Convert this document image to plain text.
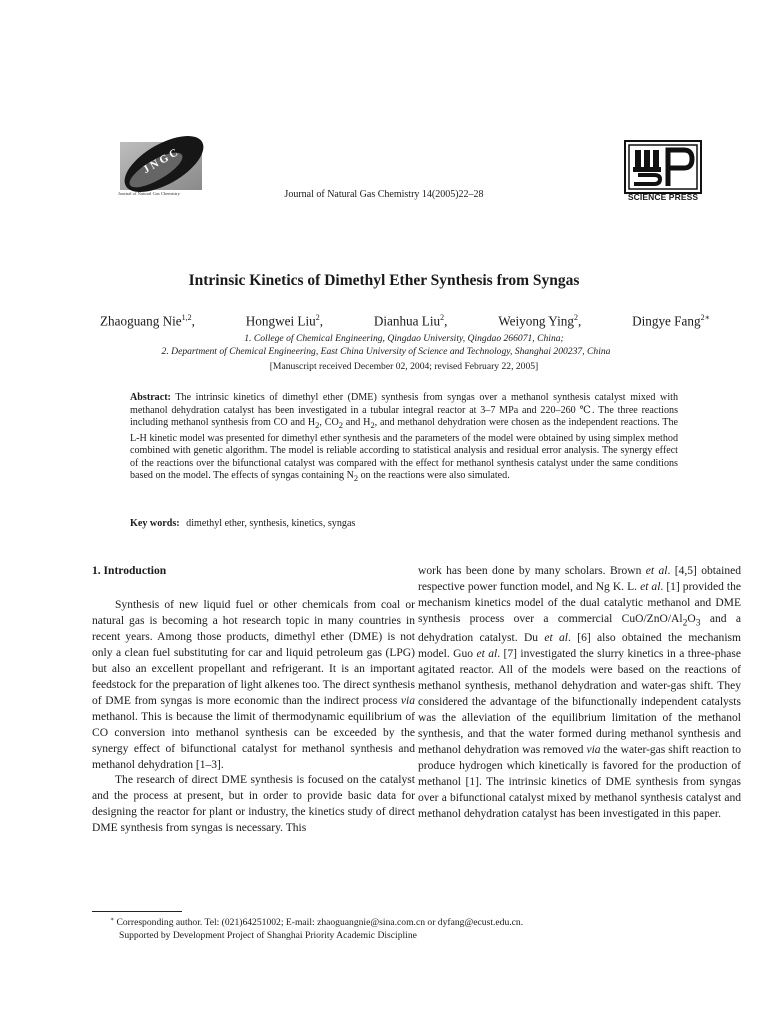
J N G C
Journal of Natural Gas Chemistry	Journal of Natural Gas Chemistry 14(2005)22–28	SCIENCE PRESS
Intrinsic Kinetics of Dimethyl Ether Synthesis from Syngas
Zhaoguang Nie$^{1,2}$,	Hongwei Liu$^2$,	Dianhua Liu$^2$,	Weiyong Ying$^2$,	Dingye Fang$^{2∗}$
1. College of Chemical Engineering, Qingdao University, Qingdao 266071, China;
2. Department of Chemical Engineering, East China University of Science and Technology, Shanghai 200237, China
[Manuscript received December 02, 2004; revised February 22, 2005]
Abstract: The intrinsic kinetics of dimethyl ether (DME) synthesis from syngas over a methanol synthesis catalyst mixed with methanol dehydration catalyst has been investigated in a tubular integral reactor at 3–7 MPa and 220–260 ℃. The three reactions including methanol synthesis from CO and $H_2$, $CO_2$ and $H_2$, and methanol dehydration were chosen as the independent reactions. The L-H kinetic model was presented for dimethyl ether synthesis and the parameters of the model were obtained by using simplex method combined with genetic algorithm. The model is reliable according to statistical analysis and residual error analysis. The synergy effect of the reactions over the bifunctional catalyst was compared with the effect for methanol synthesis catalyst under the same conditions based on the model. The effects of syngas containing $N_2$ on the reactions were also simulated.
Key words: dimethyl ether, synthesis, kinetics, syngas
1. Introduction

Synthesis of new liquid fuel or other chemicals from coal or natural gas is becoming a hot research topic in many countries in recent years. Among those products, dimethyl ether (DME) is not only a clean fuel substituting for car and liquid petroleum gas (LPG) but also an excellent propellant and refrigerant. It is an important feedstock for the preparation of light alkenes too. The direct synthesis of DME from syngas is more economic than the indirect process via methanol. This is because the limit of thermodynamic equilibrium of CO conversion into methanol synthesis can be exceeded by the synergy effect of bifunctional catalyst for methanol synthesis and methanol dehydration [1–3].

The research of direct DME synthesis is focused on the catalyst and the process at present, but in order to provide basic data for designing the reactor for plant or industry, the kinetics study of direct DME synthesis from syngas is necessary. This

work has been done by many scholars. Brown et al. [4,5] obtained respective power function model, and Ng K. L. et al. [1] provided the mechanism kinetics model of the dual catalytic methanol and DME synthesis process over a commercial CuO/$ZnO/Al_2O_3$ and a dehydration catalyst. Du et al. [6] also obtained the mechanism model. Guo et al. [7] investigated the slurry kinetics in a three-phase agitated reactor. All of the models were based on the reactions of methanol synthesis, methanol dehydration and water-gas shift. They considered the advantage of the bifunctionally independent catalysts was the alleviation of the equilibrium limitation of the methanol synthesis, and that the water formed during methanol synthesis and methanol dehydration was removed via the water-gas shift reaction to produce hydrogen which kinetically is favored for the production of methanol [1]. The intrinsic kinetics of DME synthesis from syngas over a bifunctional catalyst mixed by methanol synthesis catalyst and methanol dehydration catalyst has been investigated in this paper.

∗ Corresponding author. Tel: (021)64251002; E-mail: zhaoguangnie@sina.com.cn or dyfang@ecust.edu.cn.
Supported by Development Project of Shanghai Priority Academic Discipline
